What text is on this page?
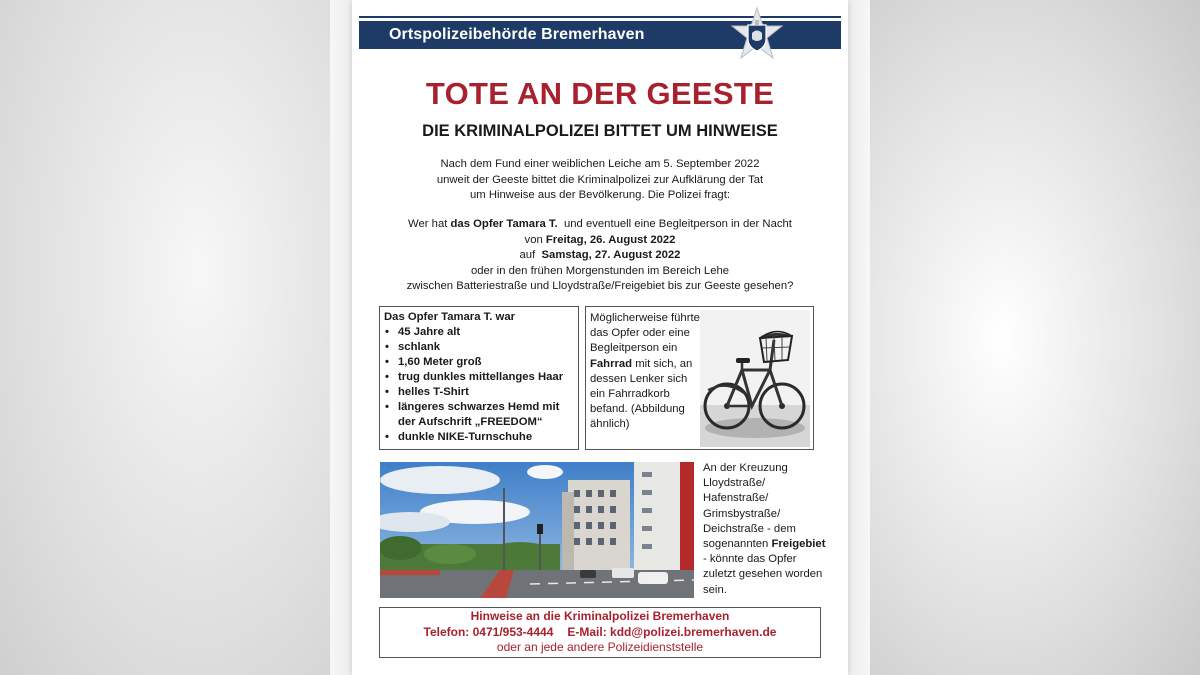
Ortspolizeibehörde Bremerhaven
TOTE AN DER GEESTE
DIE KRIMINALPOLIZEI BITTET UM HINWEISE
Nach dem Fund einer weiblichen Leiche am 5. September 2022
unweit der Geeste bittet die Kriminalpolizei zur Aufklärung der Tat
um Hinweise aus der Bevölkerung. Die Polizei fragt:
Wer hat das Opfer Tamara T.  und eventuell eine Begleitperson in der Nacht
von Freitag, 26. August 2022
auf  Samstag, 27. August 2022
oder in den frühen Morgenstunden im Bereich Lehe
zwischen Batteriestraße und Lloydstraße/Freigebiet bis zur Geeste gesehen?
Das Opfer Tamara T. war
• 45 Jahre alt
• schlank
• 1,60 Meter groß
• trug dunkles mittellanges Haar
• helles T-Shirt
• längeres schwarzes Hemd mit der Aufschrift „FREEDOM“
• dunkle NIKE-Turnschuhe
Möglicherweise führte das Opfer oder eine Begleitperson ein Fahrrad mit sich, an dessen Lenker sich ein Fahrradkorb befand. (Abbildung ähnlich)
An der Kreuzung Lloydstraße/ Hafenstraße/ Grimsbystraße/ Deichstraße - dem sogenannten Freigebiet - könnte das Opfer zuletzt gesehen worden sein.
Hinweise an die Kriminalpolizei Bremerhaven
Telefon: 0471/953-4444 E-Mail: kdd@polizei.bremerhaven.de
oder an jede andere Polizeidienststelle
